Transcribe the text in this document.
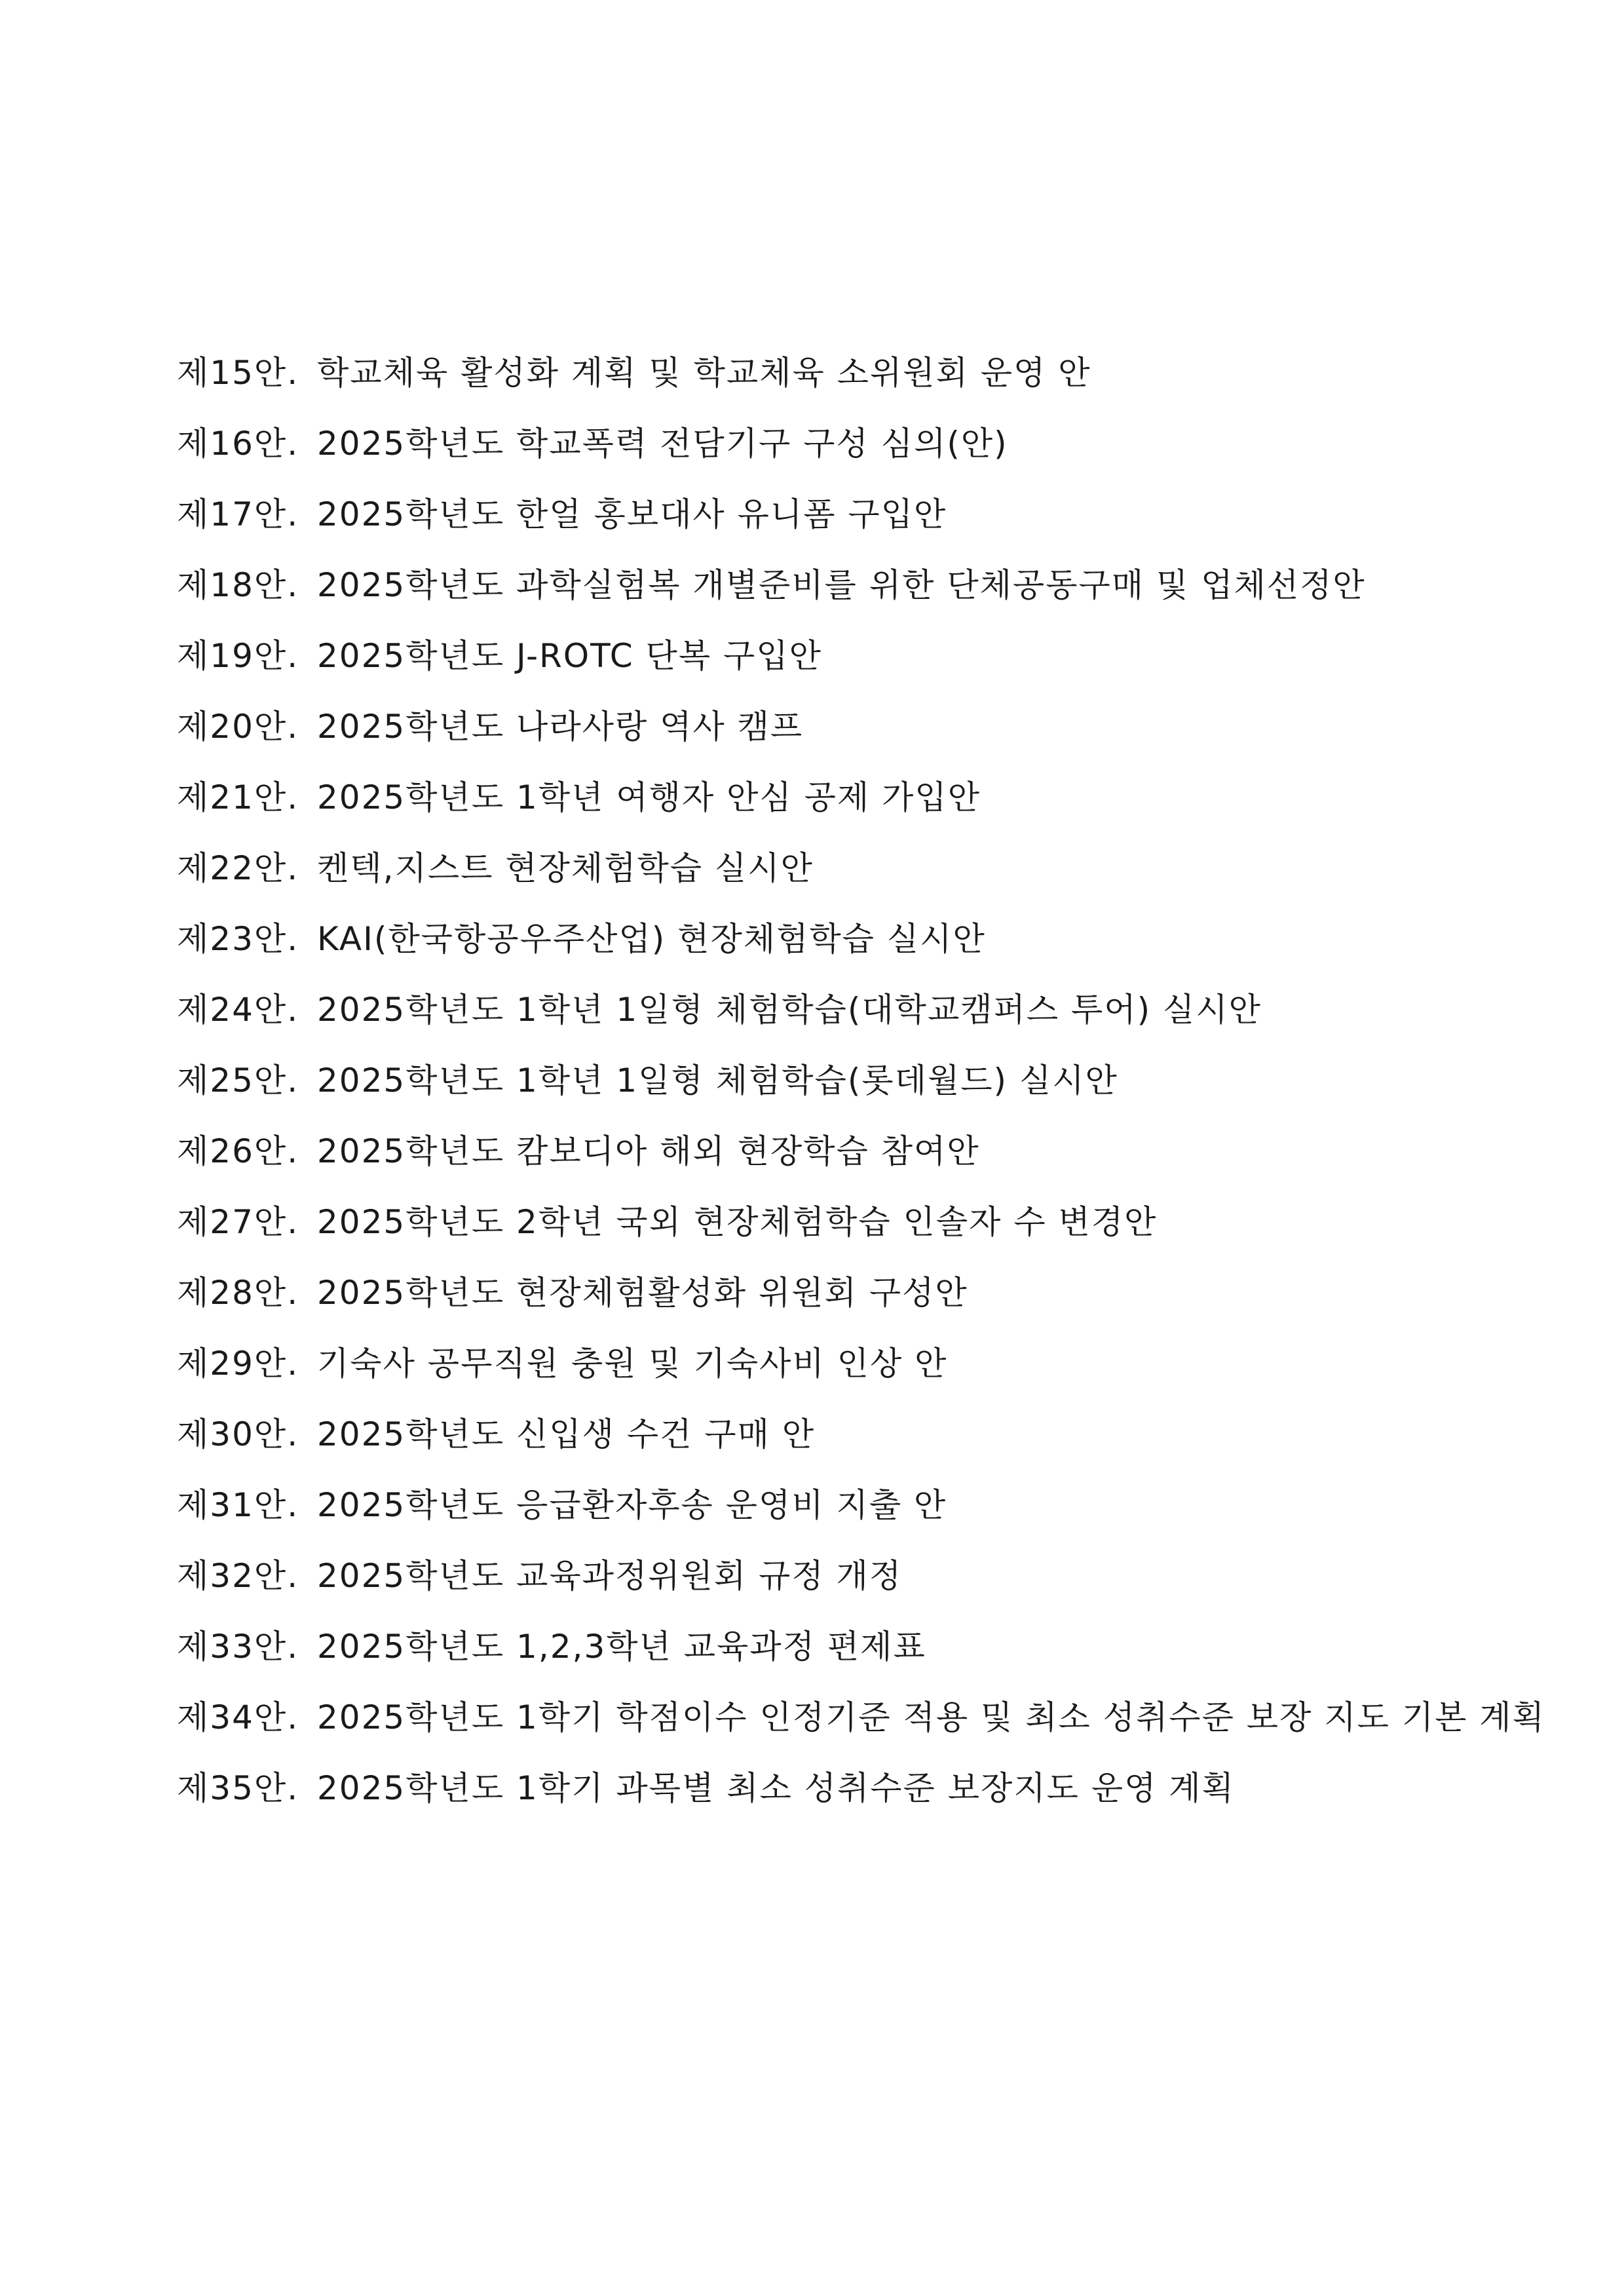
제15안. 학교체육 활성화 계획 및 학교체육 소위원회 운영 안
제16안. 2025학년도 학교폭력 전담기구 구성 심의(안)
제17안. 2025학년도 한얼 홍보대사 유니폼 구입안
제18안. 2025학년도 과학실험복 개별준비를 위한 단체공동구매 및 업체선정안
제19안. 2025학년도 J-ROTC 단복 구입안
제20안. 2025학년도 나라사랑 역사 캠프
제21안. 2025학년도 1학년 여행자 안심 공제 가입안
제22안. 켄텍,지스트 현장체험학습 실시안
제23안. KAI(한국항공우주산업) 현장체험학습 실시안
제24안. 2025학년도 1학년 1일형 체험학습(대학교캠퍼스 투어) 실시안
제25안. 2025학년도 1학년 1일형 체험학습(롯데월드) 실시안
제26안. 2025학년도 캄보디아 해외 현장학습 참여안
제27안. 2025학년도 2학년 국외 현장체험학습 인솔자 수 변경안
제28안. 2025학년도 현장체험활성화 위원회 구성안
제29안. 기숙사 공무직원 충원 및 기숙사비 인상 안
제30안. 2025학년도 신입생 수건 구매 안
제31안. 2025학년도 응급환자후송 운영비 지출 안
제32안. 2025학년도 교육과정위원회 규정 개정
제33안. 2025학년도 1,2,3학년 교육과정 편제표
제34안. 2025학년도 1학기 학점이수 인정기준 적용 및 최소 성취수준 보장 지도 기본 계획
제35안. 2025학년도 1학기 과목별 최소 성취수준 보장지도 운영 계획
